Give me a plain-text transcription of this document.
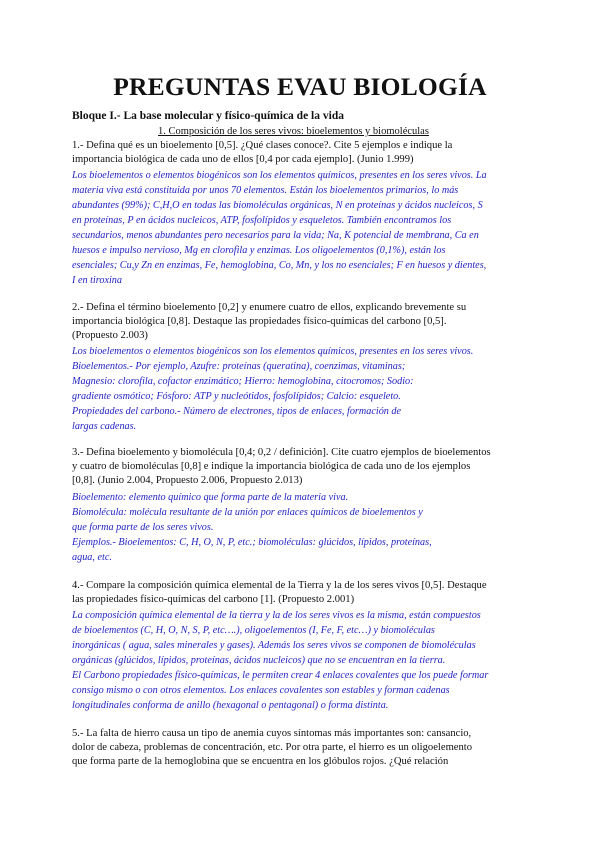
PREGUNTAS EVAU BIOLOGÍA
Bloque I.- La base molecular y físico-química de la vida
1. Composición de los seres vivos: bioelementos y biomoléculas
1.- Defina qué es un bioelemento [0,5]. ¿Qué clases conoce?. Cite 5 ejemplos e indique la
importancia biológica de cada uno de ellos [0,4 por cada ejemplo]. (Junio 1.999)
Los bioelementos o elementos biogénicos son los elementos químicos, presentes en los seres vivos. La
materia viva está constituida por unos 70 elementos. Están los bioelementos primarios, lo más
abundantes (99%); C,H,O en todas las biomoléculas orgánicas, N en proteínas y ácidos nucleicos, S
en proteínas, P en ácidos nucleicos, ATP, fosfolípidos y esqueletos. También encontramos los
secundarios, menos abundantes pero necesarios para la vida; Na, K potencial de membrana, Ca en
huesos e impulso nervioso, Mg en clorofila y enzimas. Los oligoelementos (0,1%), están los
esenciales; Cu,y Zn en enzimas, Fe, hemoglobina, Co, Mn, y los no esenciales; F en huesos y dientes,
I en tiroxina
2.- Defina el término bioelemento [0,2] y enumere cuatro de ellos, explicando brevemente su
importancia biológica [0,8]. Destaque las propiedades físico-químicas del carbono [0,5].
(Propuesto 2.003)
Los bioelementos o elementos biogénicos son los elementos químicos, presentes en los seres vivos.
Bioelementos.- Por ejemplo, Azufre: proteínas (queratina), coenzimas, vitaminas;
Magnesio: clorofila, cofactor enzimático; Hierro: hemoglobina, citocromos; Sodio:
gradiente osmótico; Fósforo: ATP y nucleótidos, fosfolípidos; Calcio: esqueleto.
Propiedades del carbono.- Número de electrones, tipos de enlaces, formación de
largas cadenas.
3.- Defina bioelemento y biomolécula [0,4; 0,2 / definición]. Cite cuatro ejemplos de bioelementos
y cuatro de biomoléculas [0,8] e indique la importancia biológica de cada uno de los ejemplos
[0,8]. (Junio 2.004, Propuesto 2.006, Propuesto 2.013)
Bioelemento: elemento químico que forma parte de la materia viva.
Biomolécula: molécula resultante de la unión por enlaces químicos de bioelementos y
que forma parte de los seres vivos.
Ejemplos.- Bioelementos: C, H, O, N, P, etc.; biomoléculas: glúcidos, lípidos, proteínas,
agua, etc.
4.- Compare la composición química elemental de la Tierra y la de los seres vivos [0,5]. Destaque
las propiedades físico-químicas del carbono [1]. (Propuesto 2.001)
La composición química elemental de la tierra y la de los seres vivos es la misma, están compuestos
de bioelementos (C, H, O, N, S, P, etc….), oligoelementos (I, Fe, F, etc…) y biomoléculas
inorgánicas ( agua, sales minerales y gases). Además los seres vivos se componen de biomoléculas
orgánicas (glúcidos, lípidos, proteínas, ácidos nucleicos) que no se encuentran en la tierra.
El Carbono propiedades físico-químicas, le permiten crear 4 enlaces covalentes que los puede formar
consigo mismo o con otros elementos. Los enlaces covalentes son estables y forman cadenas
longitudinales conforma de anillo (hexagonal o pentagonal) o forma distinta.
5.- La falta de hierro causa un tipo de anemia cuyos síntomas más importantes son: cansancio,
dolor de cabeza, problemas de concentración, etc. Por otra parte, el hierro es un oligoelemento
que forma parte de la hemoglobina que se encuentra en los glóbulos rojos. ¿Qué relación
